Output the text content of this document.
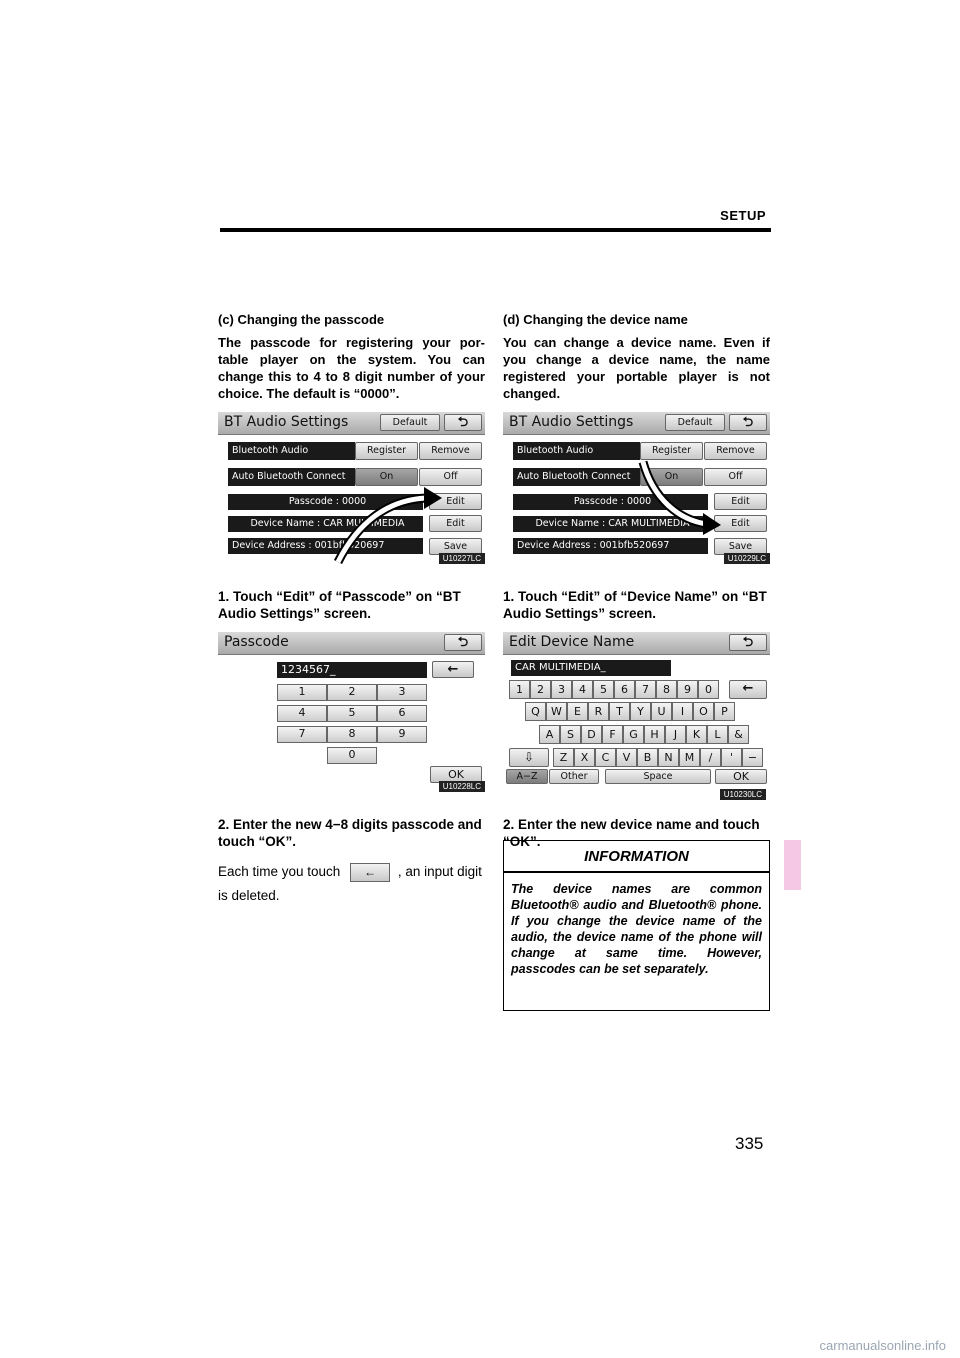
SETUP

(c) Changing the passcode

The passcode for registering your por- table player on the system. You can change this to 4 to 8 digit number of your choice. The default is “0000”.

BT Audio Settings	Default	⮌
Bluetooth Audio	Register	Remove
Auto Bluetooth Connect	On	Off
Passcode : 0000	Edit
Device Name : CAR MULTIMEDIA	Edit
Device Address : 001bfb520697	Save
U10227LC

1. Touch “Edit” of “Passcode” on “BT Audio Settings” screen.

Passcode	⮌
1234567_	←
1	2	3
4	5	6
7	8	9
0
OK
U10228LC

2. Enter the new 4−8 digits passcode and touch “OK”.

Each time you touch ← , an input digit is deleted.

(d) Changing the device name

You can change a device name. Even if you change a device name, the name registered your portable player is not changed.

BT Audio Settings	Default	⮌
Bluetooth Audio	Register	Remove
Auto Bluetooth Connect	On	Off
Passcode : 0000	Edit
Device Name : CAR MULTIMEDIA	Edit
Device Address : 001bfb520697	Save
U10229LC

1. Touch “Edit” of “Device Name” on “BT Audio Settings” screen.

Edit Device Name	⮌
CAR MULTIMEDIA_
←
⇩
A−Z	Other	Space	OK
U10230LC
1	2	3	4	5	6	7	8	9	0
Q	W	E	R	T	Y	U	I	O	P
A	S	D	F	G	H	J	K	L	&
Z	X	C	V	B	N	M	/	'	−

2. Enter the new device name and touch “OK”.

INFORMATION
The device names are common Bluetooth® audio and Bluetooth® phone. If you change the device name of the audio, the device name of the phone will change at same time. However, passcodes can be set separately.
335
carmanualsonline.info
